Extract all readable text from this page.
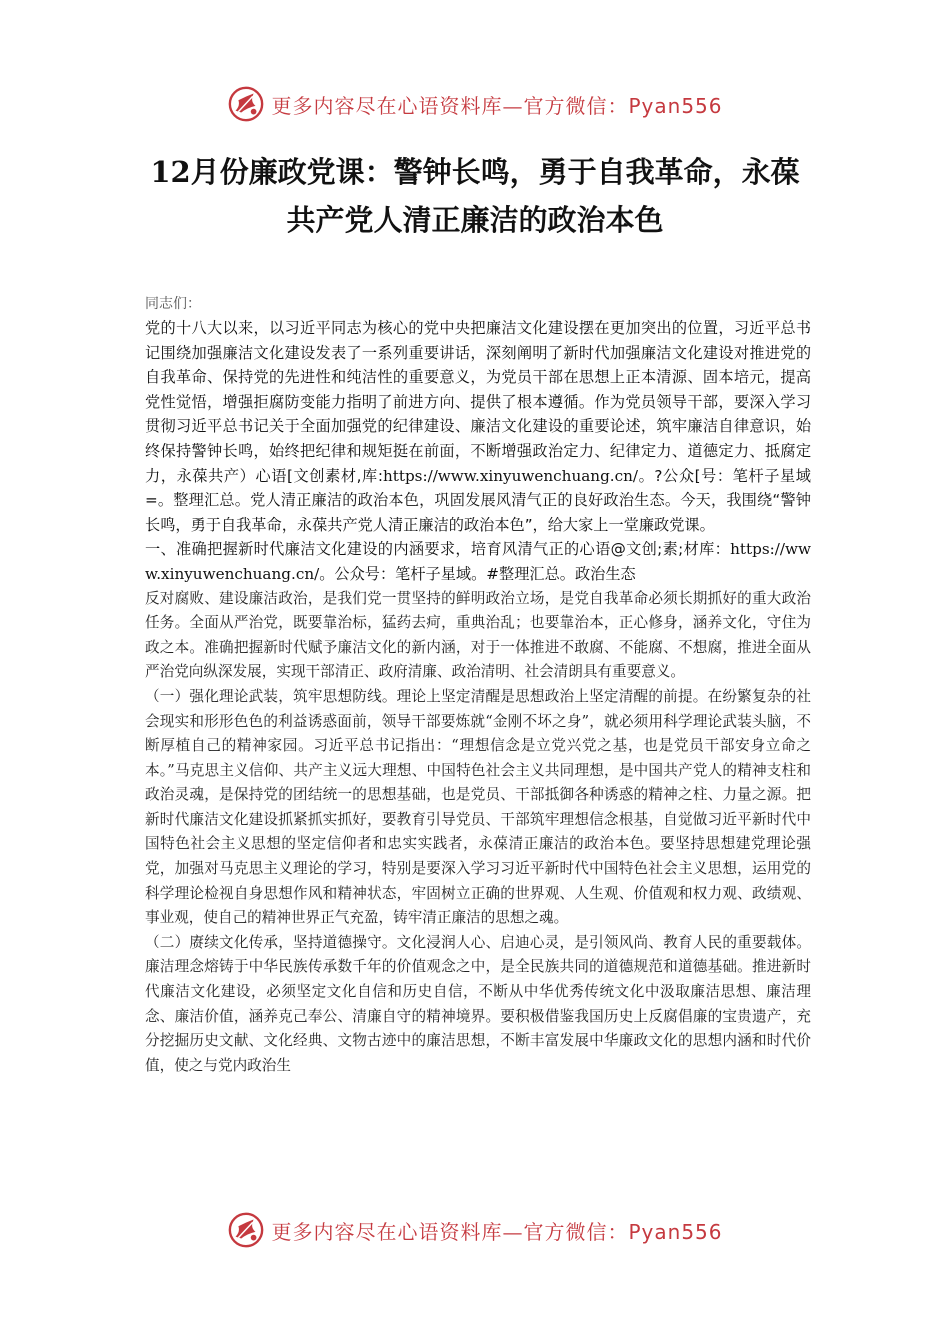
更多内容尽在心语资料库—官方微信：Pyan556
12月份廉政党课：警钟长鸣，勇于自我革命，永葆
共产党人清正廉洁的政治本色

同志们：

党的十八大以来，以习近平同志为核心的党中央把廉洁文化建设摆在更加突出的位置，习近平总书记围绕加强廉洁文化建设发表了一系列重要讲话，深刻阐明了新时代加强廉洁文化建设对推进党的自我革命、保持党的先进性和纯洁性的重要意义，为党员干部在思想上正本清源、固本培元，提高党性觉悟，增强拒腐防变能力指明了前进方向、提供了根本遵循。作为党员领导干部，要深入学习贯彻习近平总书记关于全面加强党的纪律建设、廉洁文化建设的重要论述，筑牢廉洁自律意识，始终保持警钟长鸣，始终把纪律和规矩挺在前面，不断增强政治定力、纪律定力、道德定力、抵腐定力，永葆共产）心语[文创素材,库:https://www.xinyuwenchuang.cn/。?公众[号：笔杆子星域=。整理汇总。党人清正廉洁的政治本色，巩固发展风清气正的良好政治生态。今天，我围绕“警钟长鸣，勇于自我革命，永葆共产党人清正廉洁的政治本色”，给大家上一堂廉政党课。

一、准确把握新时代廉洁文化建设的内涵要求，培育风清气正的心语@文创;素;材库：https://www.xinyuwenchuang.cn/。公众号：笔杆子星域。#整理汇总。政治生态

反对腐败、建设廉洁政治，是我们党一贯坚持的鲜明政治立场，是党自我革命必须长期抓好的重大政治任务。全面从严治党，既要靠治标，猛药去疴，重典治乱；也要靠治本，正心修身，涵养文化，守住为政之本。准确把握新时代赋予廉洁文化的新内涵，对于一体推进不敢腐、不能腐、不想腐，推进全面从严治党向纵深发展，实现干部清正、政府清廉、政治清明、社会清朗具有重要意义。

（一）强化理论武装，筑牢思想防线。理论上坚定清醒是思想政治上坚定清醒的前提。在纷繁复杂的社会现实和形形色色的利益诱惑面前，领导干部要炼就“金刚不坏之身”，就必须用科学理论武装头脑，不断厚植自己的精神家园。习近平总书记指出：“理想信念是立党兴党之基，也是党员干部安身立命之本。”马克思主义信仰、共产主义远大理想、中国特色社会主义共同理想，是中国共产党人的精神支柱和政治灵魂，是保持党的团结统一的思想基础，也是党员、干部抵御各种诱惑的精神之柱、力量之源。把新时代廉洁文化建设抓紧抓实抓好，要教育引导党员、干部筑牢理想信念根基，自觉做习近平新时代中国特色社会主义思想的坚定信仰者和忠实实践者，永葆清正廉洁的政治本色。要坚持思想建党理论强党，加强对马克思主义理论的学习，特别是要深入学习习近平新时代中国特色社会主义思想，运用党的科学理论检视自身思想作风和精神状态，牢固树立正确的世界观、人生观、价值观和权力观、政绩观、事业观，使自己的精神世界正气充盈，铸牢清正廉洁的思想之魂。

（二）赓续文化传承，坚持道德操守。文化浸润人心、启迪心灵，是引领风尚、教育人民的重要载体。廉洁理念熔铸于中华民族传承数千年的价值观念之中，是全民族共同的道德规范和道德基础。推进新时代廉洁文化建设，必须坚定文化自信和历史自信，不断从中华优秀传统文化中汲取廉洁思想、廉洁理念、廉洁价值，涵养克己奉公、清廉自守的精神境界。要积极借鉴我国历史上反腐倡廉的宝贵遗产，充分挖掘历史文献、文化经典、文物古迹中的廉洁思想，不断丰富发展中华廉政文化的思想内涵和时代价值，使之与党内政治生

更多内容尽在心语资料库—官方微信：Pyan556
